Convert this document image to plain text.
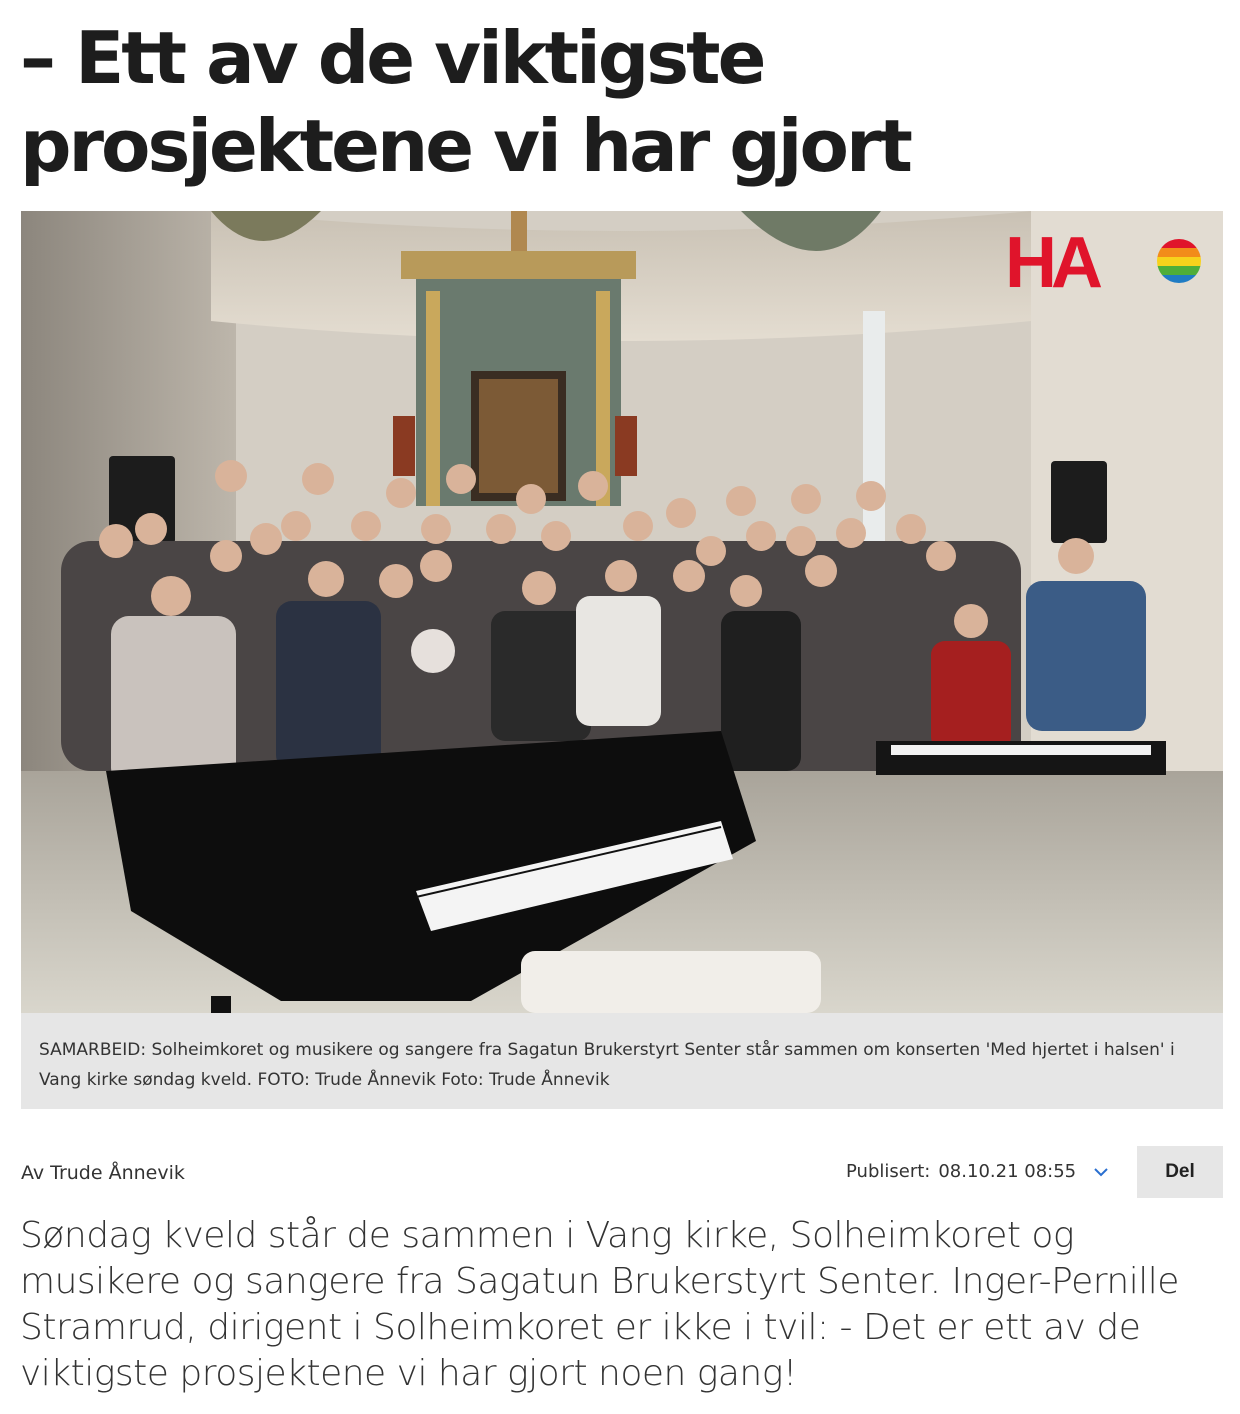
– Ett av de viktigste
prosjektene vi har gjort
HA
SAMARBEID: Solheimkoret og musikere og sangere fra Sagatun Brukerstyrt Senter står sammen om konserten 'Med hjertet i halsen' i Vang kirke søndag kveld. FOTO: Trude Ånnevik Foto: Trude Ånnevik
Av Trude Ånnevik	Publisert: 08.10.21 08:55	Del

Søndag kveld står de sammen i Vang kirke, Solheimkoret og musikere og sangere fra Sagatun Brukerstyrt Senter. Inger-Pernille Stramrud, dirigent i Solheimkoret er ikke i tvil: - Det er ett av de viktigste prosjektene vi har gjort noen gang!
